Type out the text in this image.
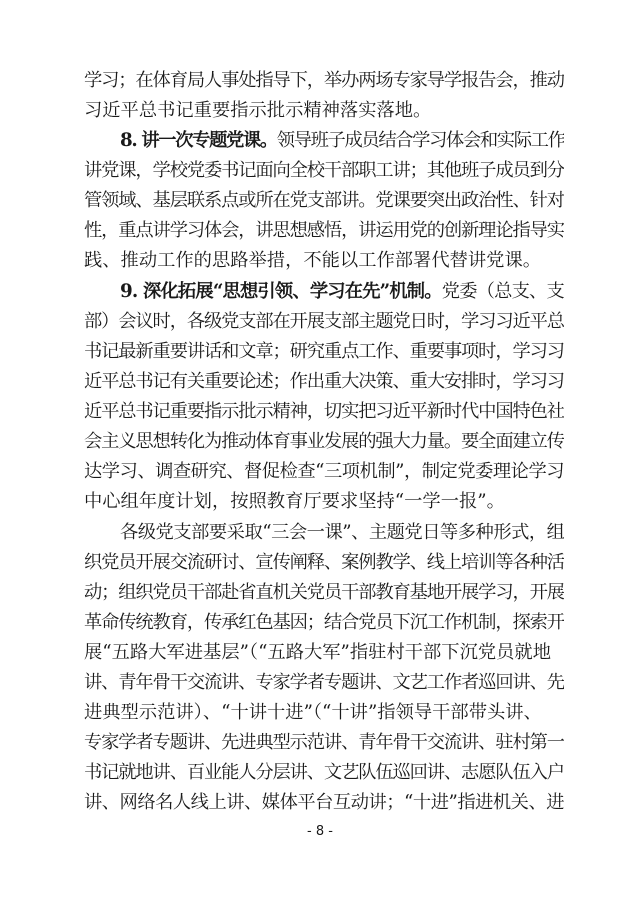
学习；在体育局人事处指导下，举办两场专家导学报告会，推动
习近平总书记重要指示批示精神落实落地。
8. 讲一次专题党课。领导班子成员结合学习体会和实际工作
讲党课，学校党委书记面向全校干部职工讲；其他班子成员到分
管领域、基层联系点或所在党支部讲。党课要突出政治性、针对
性，重点讲学习体会，讲思想感悟，讲运用党的创新理论指导实
践、推动工作的思路举措，不能以工作部署代替讲党课。
9. 深化拓展“思想引领、学习在先”机制。党委（总支、支
部）会议时，各级党支部在开展支部主题党日时，学习习近平总
书记最新重要讲话和文章；研究重点工作、重要事项时，学习习
近平总书记有关重要论述；作出重大决策、重大安排时，学习习
近平总书记重要指示批示精神，切实把习近平新时代中国特色社
会主义思想转化为推动体育事业发展的强大力量。要全面建立传
达学习、调查研究、督促检查“三项机制”，制定党委理论学习
中心组年度计划，按照教育厅要求坚持“一学一报”。
各级党支部要采取“三会一课”、主题党日等多种形式，组
织党员开展交流研讨、宣传阐释、案例教学、线上培训等各种活
动；组织党员干部赴省直机关党员干部教育基地开展学习，开展
革命传统教育，传承红色基因；结合党员下沉工作机制，探索开
展“五路大军进基层”（“五路大军”指驻村干部下沉党员就地
讲、青年骨干交流讲、专家学者专题讲、文艺工作者巡回讲、先
进典型示范讲）、“十讲十进”（“十讲”指领导干部带头讲、
专家学者专题讲、先进典型示范讲、青年骨干交流讲、驻村第一
书记就地讲、百业能人分层讲、文艺队伍巡回讲、志愿队伍入户
讲、网络名人线上讲、媒体平台互动讲；“十进”指进机关、进
- 8 -
